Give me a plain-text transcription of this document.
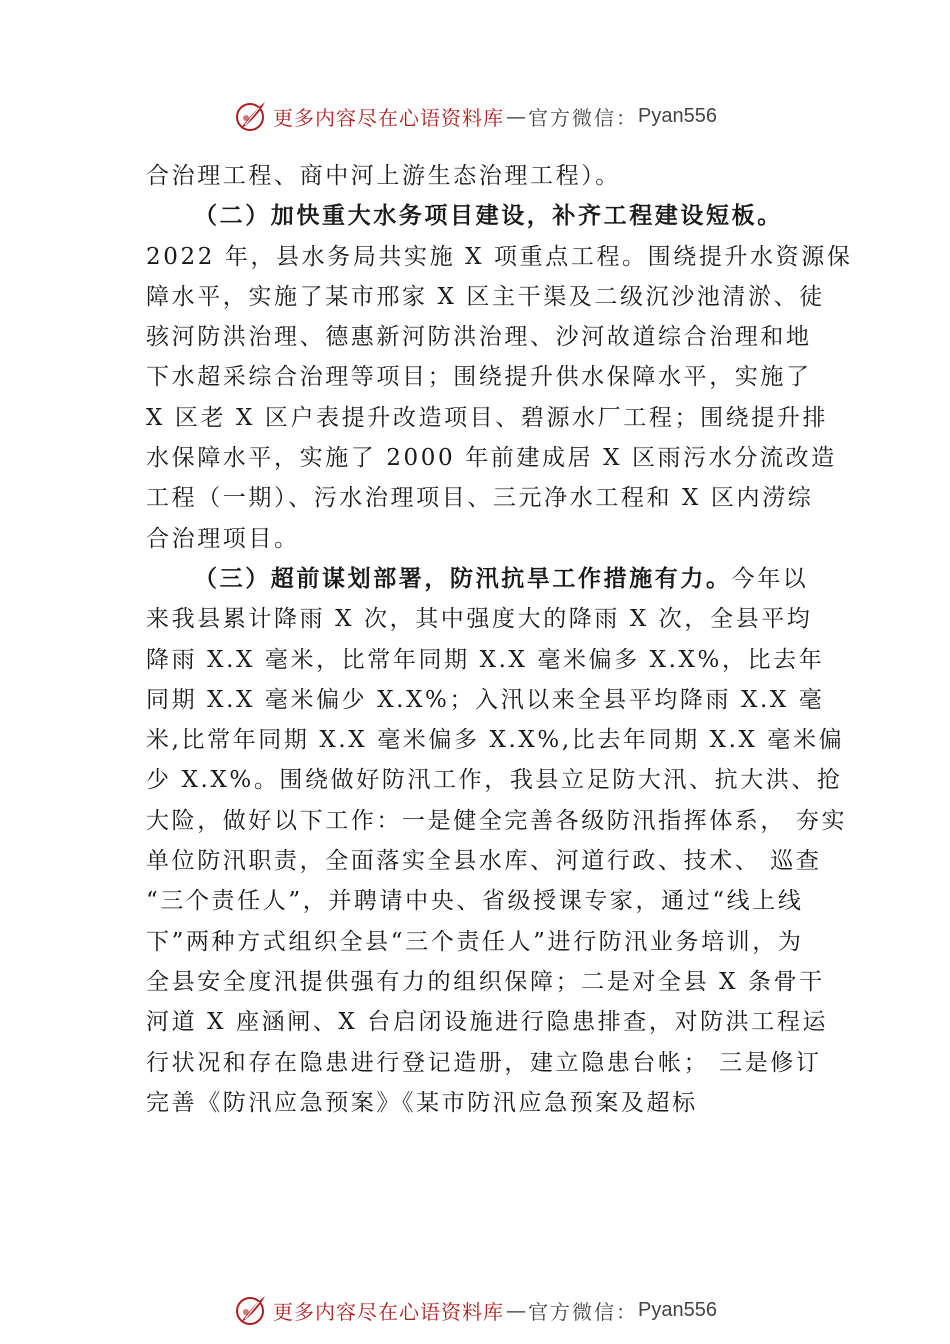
更多内容尽在心语资料库 — 官方微信： Pyan556
合治理工程、商中河上游生态治理工程）。
（二）加快重大水务项目建设，补齐工程建设短板。
2022 年，县水务局共实施 X 项重点工程。围绕提升水资源保
障水平，实施了某市邢家 X 区主干渠及二级沉沙池清淤、徒
骇河防洪治理、德惠新河防洪治理、沙河故道综合治理和地
下水超采综合治理等项目；围绕提升供水保障水平，实施了
X 区老 X 区户表提升改造项目、碧源水厂工程；围绕提升排
水保障水平，实施了 2000 年前建成居 X 区雨污水分流改造
工程（一期）、污水治理项目、三元净水工程和 X 区内涝综
合治理项目。
（三）超前谋划部署，防汛抗旱工作措施有力。今年以
来我县累计降雨 X 次，其中强度大的降雨 X 次，全县平均
降雨 X.X 毫米，比常年同期 X.X 毫米偏多 X.X%，比去年
同期 X.X 毫米偏少 X.X%；入汛以来全县平均降雨 X.X 毫
米,比常年同期 X.X 毫米偏多 X.X%,比去年同期 X.X 毫米偏
少 X.X%。围绕做好防汛工作，我县立足防大汛、抗大洪、抢
大险，做好以下工作：一是健全完善各级防汛指挥体系， 夯实
单位防汛职责，全面落实全县水库、河道行政、技术、 巡查
“三个责任人”，并聘请中央、省级授课专家，通过“线上线
下”两种方式组织全县“三个责任人”进行防汛业务培训，为
全县安全度汛提供强有力的组织保障；二是对全县 X 条骨干
河道 X 座涵闸、X 台启闭设施进行隐患排查，对防洪工程运
行状况和存在隐患进行登记造册，建立隐患台帐； 三是修订
完善《防汛应急预案》《某市防汛应急预案及超标
更多内容尽在心语资料库 — 官方微信： Pyan556
